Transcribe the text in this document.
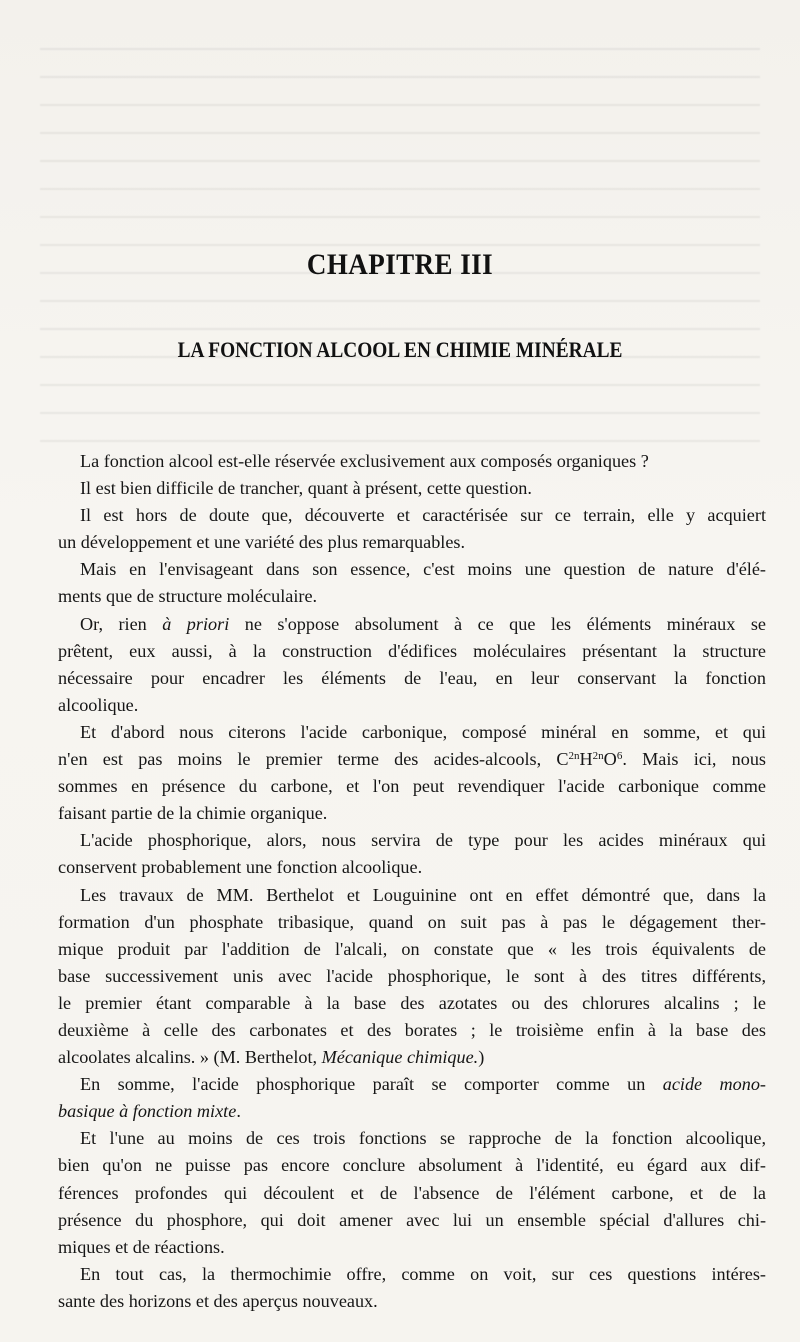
CHAPITRE III
LA FONCTION ALCOOL EN CHIMIE MINÉRALE

La fonction alcool est-elle réservée exclusivement aux composés organiques ?

Il est bien difficile de trancher, quant à présent, cette question.

Il est hors de doute que, découverte et caractérisée sur ce terrain, elle y acquiert
un développement et une variété des plus remarquables.

Mais en l'envisageant dans son essence, c'est moins une question de nature d'élé-
ments que de structure moléculaire.

Or, rien à priori ne s'oppose absolument à ce que les éléments minéraux se
prêtent, eux aussi, à la construction d'édifices moléculaires présentant la structure
nécessaire pour encadrer les éléments de l'eau, en leur conservant la fonction
alcoolique.

Et d'abord nous citerons l'acide carbonique, composé minéral en somme, et qui
n'en est pas moins le premier terme des acides-alcools, $C^{2n}H^{2n}O^6$. Mais ici, nous
sommes en présence du carbone, et l'on peut revendiquer l'acide carbonique comme
faisant partie de la chimie organique.

L'acide phosphorique, alors, nous servira de type pour les acides minéraux qui
conservent probablement une fonction alcoolique.

Les travaux de MM. Berthelot et Louguinine ont en effet démontré que, dans la
formation d'un phosphate tribasique, quand on suit pas à pas le dégagement ther-
mique produit par l'addition de l'alcali, on constate que « les trois équivalents de
base successivement unis avec l'acide phosphorique, le sont à des titres différents,
le premier étant comparable à la base des azotates ou des chlorures alcalins ; le
deuxième à celle des carbonates et des borates ; le troisième enfin à la base des
alcoolates alcalins. » (M. Berthelot, Mécanique chimique.)

En somme, l'acide phosphorique paraît se comporter comme un acide mono-
basique à fonction mixte.

Et l'une au moins de ces trois fonctions se rapproche de la fonction alcoolique,
bien qu'on ne puisse pas encore conclure absolument à l'identité, eu égard aux dif-
férences profondes qui découlent et de l'absence de l'élément carbone, et de la
présence du phosphore, qui doit amener avec lui un ensemble spécial d'allures chi-
miques et de réactions.

En tout cas, la thermochimie offre, comme on voit, sur ces questions intéres-
sante des horizons et des aperçus nouveaux.
